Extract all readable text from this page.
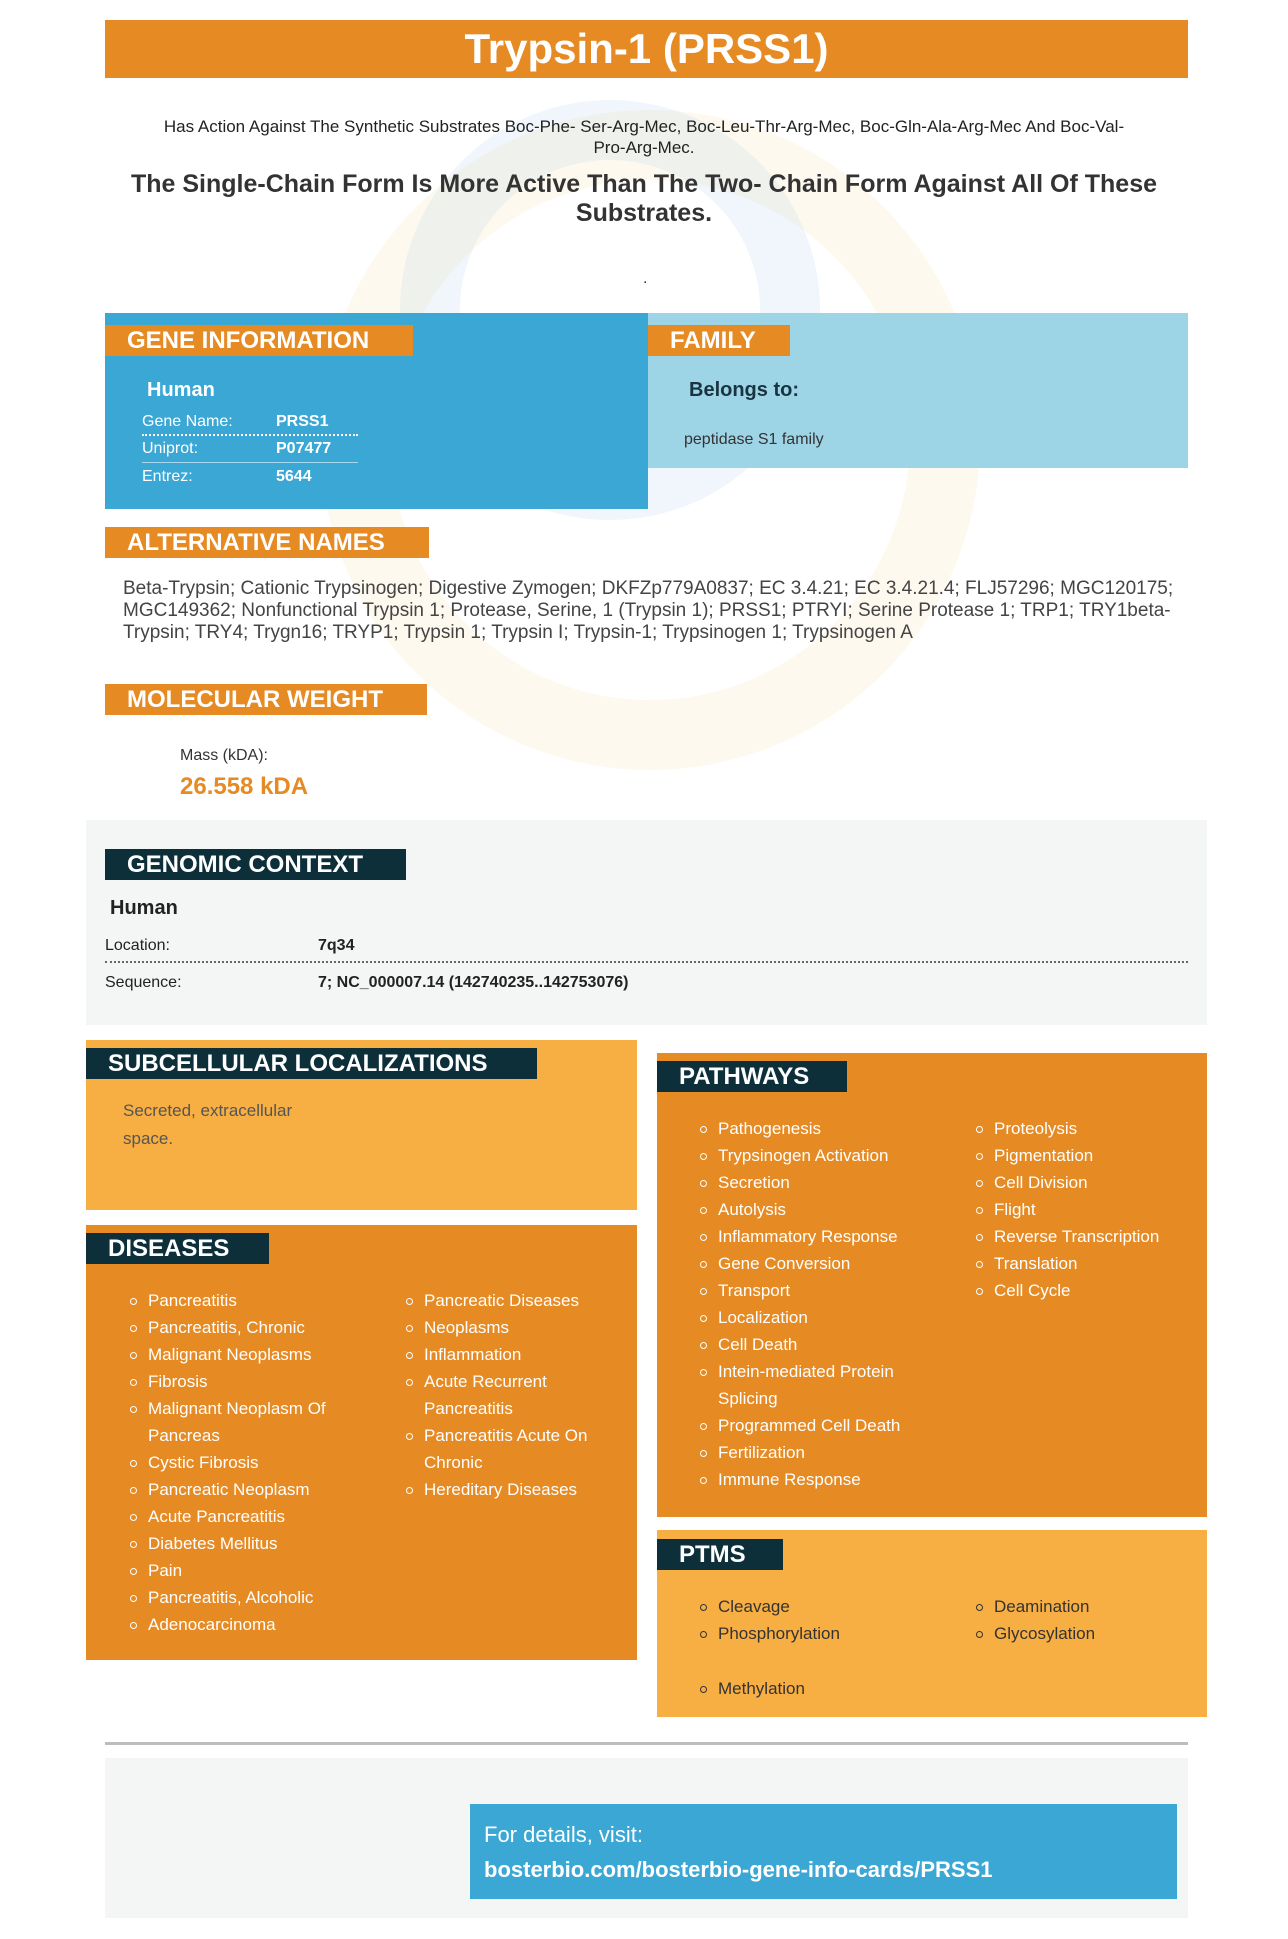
Trypsin-1 (PRSS1)
Has Action Against The Synthetic Substrates Boc-Phe- Ser-Arg-Mec, Boc-Leu-Thr-Arg-Mec, Boc-Gln-Ala-Arg-Mec And Boc-Val- Pro-Arg-Mec.
The Single-Chain Form Is More Active Than The Two- Chain Form Against All Of These Substrates.
.
GENE INFORMATION
Human
Gene Name:	PRSS1
Uniprot:	P07477
Entrez:	5644
FAMILY
Belongs to:
peptidase S1 family
ALTERNATIVE NAMES
Beta-Trypsin; Cationic Trypsinogen; Digestive Zymogen; DKFZp779A0837; EC 3.4.21; EC 3.4.21.4; FLJ57296; MGC120175; MGC149362; Nonfunctional Trypsin 1; Protease, Serine, 1 (Trypsin 1); PRSS1; PTRYI; Serine Protease 1; TRP1; TRY1beta-Trypsin; TRY4; Trygn16; TRYP1; Trypsin 1; Trypsin I; Trypsin-1; Trypsinogen 1; Trypsinogen A
MOLECULAR WEIGHT
Mass (kDA):
26.558 kDA
GENOMIC CONTEXT
Human
Location:	7q34
Sequence:	7; NC_000007.14 (142740235..142753076)
SUBCELLULAR LOCALIZATIONS
Secreted, extracellular space.
DISEASES
Pancreatitis
Pancreatitis, Chronic
Malignant Neoplasms
Fibrosis
Malignant Neoplasm Of Pancreas
Cystic Fibrosis
Pancreatic Neoplasm
Acute Pancreatitis
Diabetes Mellitus
Pain
Pancreatitis, Alcoholic
Adenocarcinoma
Pancreatic Diseases
Neoplasms
Inflammation
Acute Recurrent Pancreatitis
Pancreatitis Acute On Chronic
Hereditary Diseases
PATHWAYS
Pathogenesis
Trypsinogen Activation
Secretion
Autolysis
Inflammatory Response
Gene Conversion
Transport
Localization
Cell Death
Intein-mediated Protein Splicing
Programmed Cell Death
Fertilization
Immune Response
Proteolysis
Pigmentation
Cell Division
Flight
Reverse Transcription
Translation
Cell Cycle
PTMS
Cleavage
Phosphorylation
Deamination
Glycosylation
Methylation
For details, visit:
bosterbio.com/bosterbio-gene-info-cards/PRSS1
